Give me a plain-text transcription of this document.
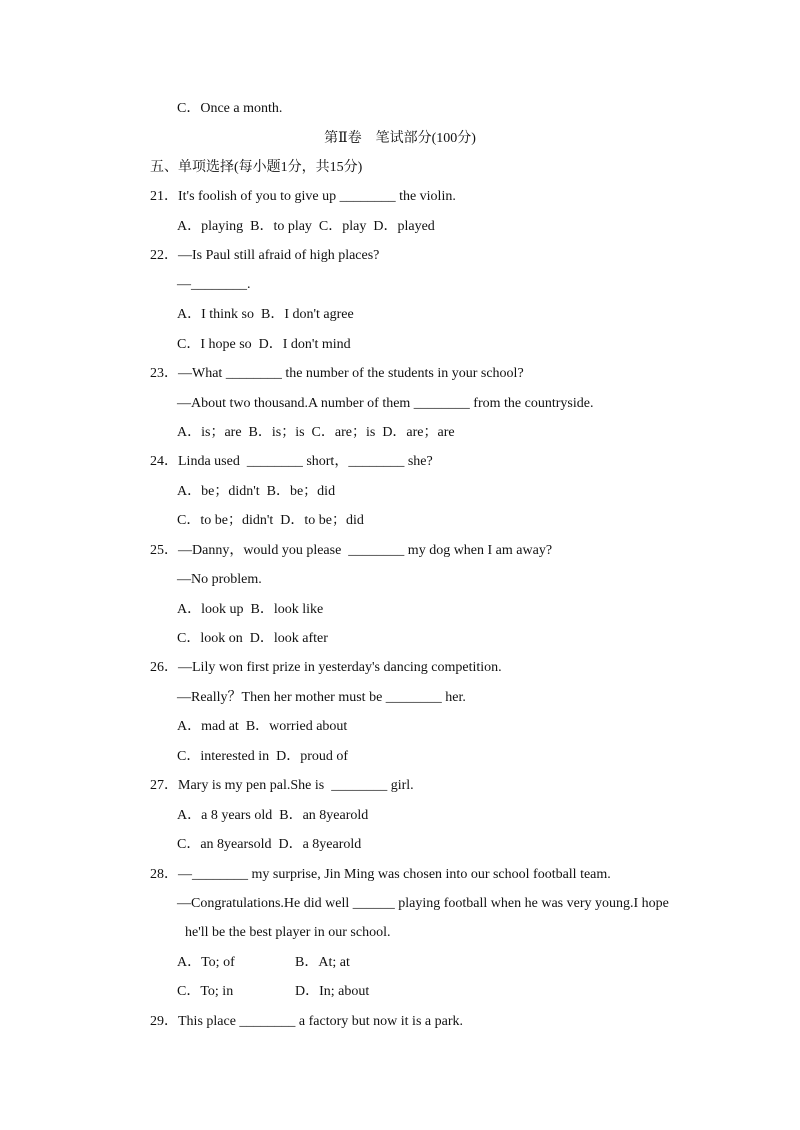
C．Once a month.
第Ⅱ卷　笔试部分(100分)
五、单项选择(每小题1分，共15分)
21．It's foolish of you to give up ________ the violin.
A．playing  B．to play  C．play  D．played
22．—Is Paul still afraid of high places?
—________.
A．I think so  B．I don't agree
C．I hope so  D．I don't mind
23．—What ________ the number of the students in your school?
—About two thousand.A number of them ________ from the countryside.
A．is；are  B．is；is  C．are；is  D．are；are
24．Linda used  ________ short，________ she?
A．be；didn't  B．be；did
C．to be；didn't  D．to be；did
25．—Danny，would you please  ________ my dog when I am away?
—No problem.
A．look up  B．look like
C．look on  D．look after
26．—Lily won first prize in yesterday's dancing competition.
—Really？Then her mother must be ________ her.
A．mad at  B．worried about
C．interested in  D．proud of
27．Mary is my pen pal.She is  ________ girl.
A．a 8 years old  B．an 8yearold
C．an 8yearsold  D．a 8yearold
28．—________ my surprise, Jin Ming was chosen into our school football team.
—Congratulations.He did well ______ playing football when he was very young.I hope
he'll be the best player in our school.
A．To; of	B．At; at
C．To; in	D．In; about
29．This place ________ a factory but now it is a park.
